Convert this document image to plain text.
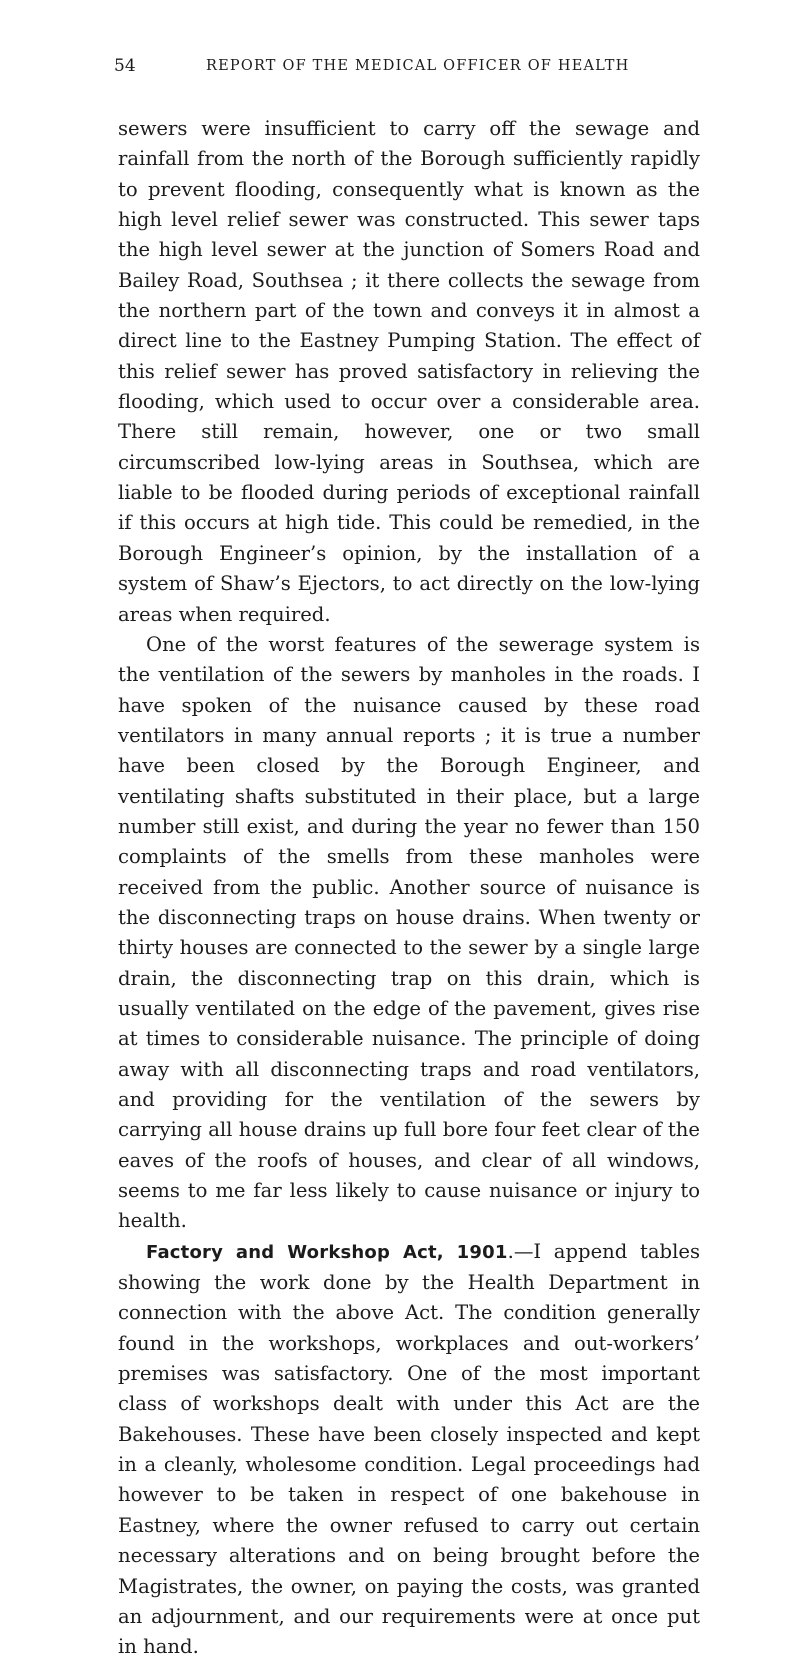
54	REPORT OF THE MEDICAL OFFICER OF HEALTH

sewers were insufficient to carry off the sewage and rainfall from the north of the Borough sufficiently rapidly to prevent flooding, consequently what is known as the high level relief sewer was constructed. This sewer taps the high level sewer at the junction of Somers Road and Bailey Road, Southsea ; it there collects the sewage from the northern part of the town and conveys it in almost a direct line to the Eastney Pumping Station. The effect of this relief sewer has proved satisfactory in relieving the flooding, which used to occur over a considerable area. There still remain, however, one or two small circumscribed low-lying areas in Southsea, which are liable to be flooded during periods of exceptional rainfall if this occurs at high tide. This could be remedied, in the Borough Engineer’s opinion, by the installation of a system of Shaw’s Ejectors, to act directly on the low-lying areas when required.

One of the worst features of the sewerage system is the ventilation of the sewers by manholes in the roads. I have spoken of the nuisance caused by these road ventilators in many annual reports ; it is true a number have been closed by the Borough Engineer, and ventilating shafts substituted in their place, but a large number still exist, and during the year no fewer than 150 complaints of the smells from these manholes were received from the public. Another source of nuisance is the disconnecting traps on house drains. When twenty or thirty houses are connected to the sewer by a single large drain, the disconnecting trap on this drain, which is usually ventilated on the edge of the pavement, gives rise at times to considerable nuisance. The principle of doing away with all disconnecting traps and road ventilators, and providing for the ventilation of the sewers by carrying all house drains up full bore four feet clear of the eaves of the roofs of houses, and clear of all windows, seems to me far less likely to cause nuisance or injury to health.

Factory and Workshop Act, 1901.—I append tables showing the work done by the Health Department in connection with the above Act. The condition generally found in the workshops, workplaces and out-workers’ premises was satisfactory. One of the most important class of workshops dealt with under this Act are the Bakehouses. These have been closely inspected and kept in a cleanly, wholesome condition. Legal proceedings had however to be taken in respect of one bakehouse in Eastney, where the owner refused to carry out certain necessary alterations and on being brought before the Magistrates, the owner, on paying the costs, was granted an adjournment, and our requirements were at once put in hand.
